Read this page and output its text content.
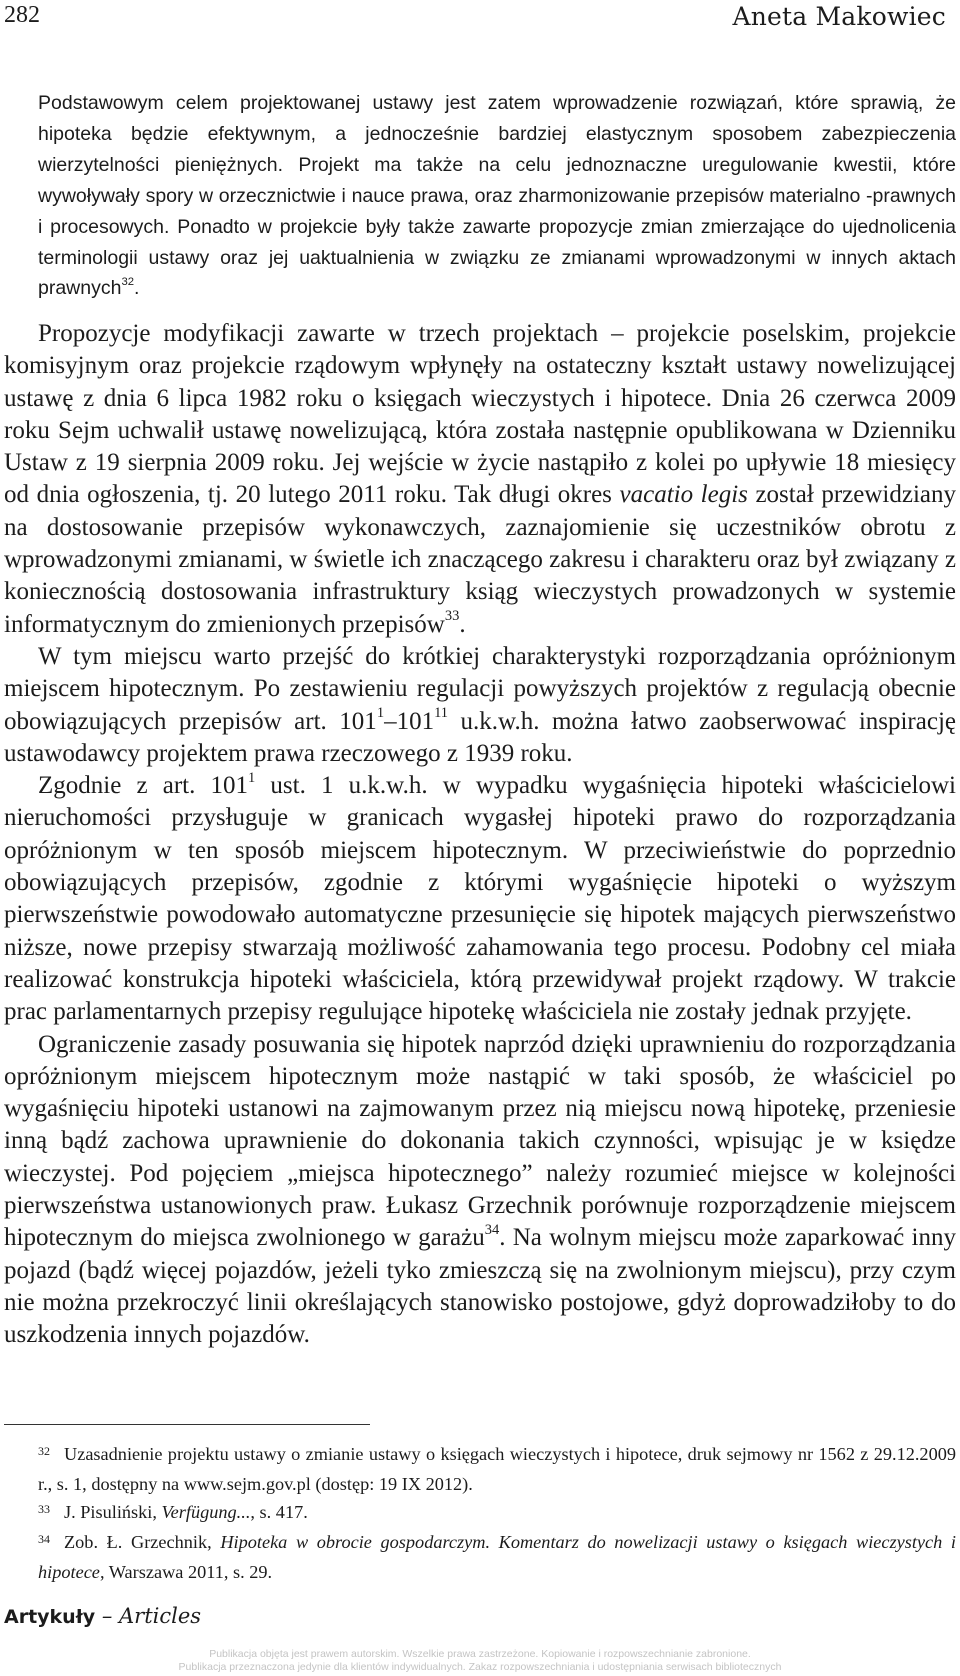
282	Aneta Makowiec

Podstawowym celem projektowanej ustawy jest zatem wprowadzenie rozwiązań, które sprawią, że hipoteka będzie efektywnym, a jednocześnie bardziej elastycznym sposobem zabezpieczenia wierzytelności pieniężnych. Projekt ma także na celu jednoznaczne uregulowanie kwestii, które wywoływały spory w orzecznictwie i nauce prawa, oraz zharmonizowanie przepisów materialno -prawnych i procesowych. Ponadto w projekcie były także zawarte propozycje zmian zmierzające do ujednolicenia terminologii ustawy oraz jej uaktualnienia w związku ze zmianami wprowadzonymi w innych aktach prawnych$^{32}$.

Propozycje modyfikacji zawarte w trzech projektach – projekcie poselskim, projekcie komisyjnym oraz projekcie rządowym wpłynęły na ostateczny kształt ustawy nowelizującej ustawę z dnia 6 lipca 1982 roku o księgach wieczystych i hipotece. Dnia 26 czerwca 2009 roku Sejm uchwalił ustawę nowelizującą, która została następnie opublikowana w Dzienniku Ustaw z 19 sierpnia 2009 roku. Jej wejście w życie nastąpiło z kolei po upływie 18 miesięcy od dnia ogłoszenia, tj. 20 lutego 2011 roku. Tak długi okres vacatio legis został przewidziany na dostosowanie przepisów wykonawczych, zaznajomienie się uczestników obrotu z wprowadzonymi zmianami, w świetle ich znaczącego zakresu i charakteru oraz był związany z koniecznością dostosowania infrastruktury ksiąg wieczystych prowadzonych w systemie informatycznym do zmienionych przepisów$^{33}$.

W tym miejscu warto przejść do krótkiej charakterystyki rozporządzania opróżnionym miejscem hipotecznym. Po zestawieniu regulacji powyższych projektów z regulacją obecnie obowiązujących przepisów art. $101^1-101^{11}$ u.k.w.h. można łatwo zaobserwować inspirację ustawodawcy projektem prawa rzeczowego z 1939 roku.

Zgodnie z art. $101^1$ ust. 1 u.k.w.h. w wypadku wygaśnięcia hipoteki właścicielowi nieruchomości przysługuje w granicach wygasłej hipoteki prawo do rozporządzania opróżnionym w ten sposób miejscem hipotecznym. W przeciwieństwie do poprzednio obowiązujących przepisów, zgodnie z którymi wygaśnięcie hipoteki o wyższym pierwszeństwie powodowało automatyczne przesunięcie się hipotek mających pierwszeństwo niższe, nowe przepisy stwarzają możliwość zahamowania tego procesu. Podobny cel miała realizować konstrukcja hipoteki właściciela, którą przewidywał projekt rządowy. W trakcie prac parlamentarnych przepisy regulujące hipotekę właściciela nie zostały jednak przyjęte.

Ograniczenie zasady posuwania się hipotek naprzód dzięki uprawnieniu do rozporządzania opróżnionym miejscem hipotecznym może nastąpić w taki sposób, że właściciel po wygaśnięciu hipoteki ustanowi na zajmowanym przez nią miejscu nową hipotekę, przeniesie inną bądź zachowa uprawnienie do dokonania takich czynności, wpisując je w księdze wieczystej. Pod pojęciem „miejsca hipotecznego” należy rozumieć miejsce w kolejności pierwszeństwa ustanowionych praw. Łukasz Grzechnik porównuje rozporządzenie miejscem hipotecznym do miejsca zwolnionego w garażu$^{34}$. Na wolnym miejscu może zaparkować inny pojazd (bądź więcej pojazdów, jeżeli tyko zmieszczą się na zwolnionym miejscu), przy czym nie można przekroczyć linii określających stanowisko postojowe, gdyż doprowadziłoby to do uszkodzenia innych pojazdów.

$^{32}$ Uzasadnienie projektu ustawy o zmianie ustawy o księgach wieczystych i hipotece, druk sejmowy nr 1562 z 29.12.2009 r., s. 1, dostępny na www.sejm.gov.pl (dostęp: 19 IX 2012).

$^{33}$ J. Pisuliński, Verfügung..., s. 417.

$^{34}$ Zob. Ł. Grzechnik, Hipoteka w obrocie gospodarczym. Komentarz do nowelizacji ustawy o księgach wieczystych i hipotece, Warszawa 2011, s. 29.

Artykuły – Articles
Publikacja objęta jest prawem autorskim. Wszelkie prawa zastrzeżone. Kopiowanie i rozpowszechnianie zabronione.
Publikacja przeznaczona jedynie dla klientów indywidualnych. Zakaz rozpowszechniania i udostępniania serwisach bibliotecznych
